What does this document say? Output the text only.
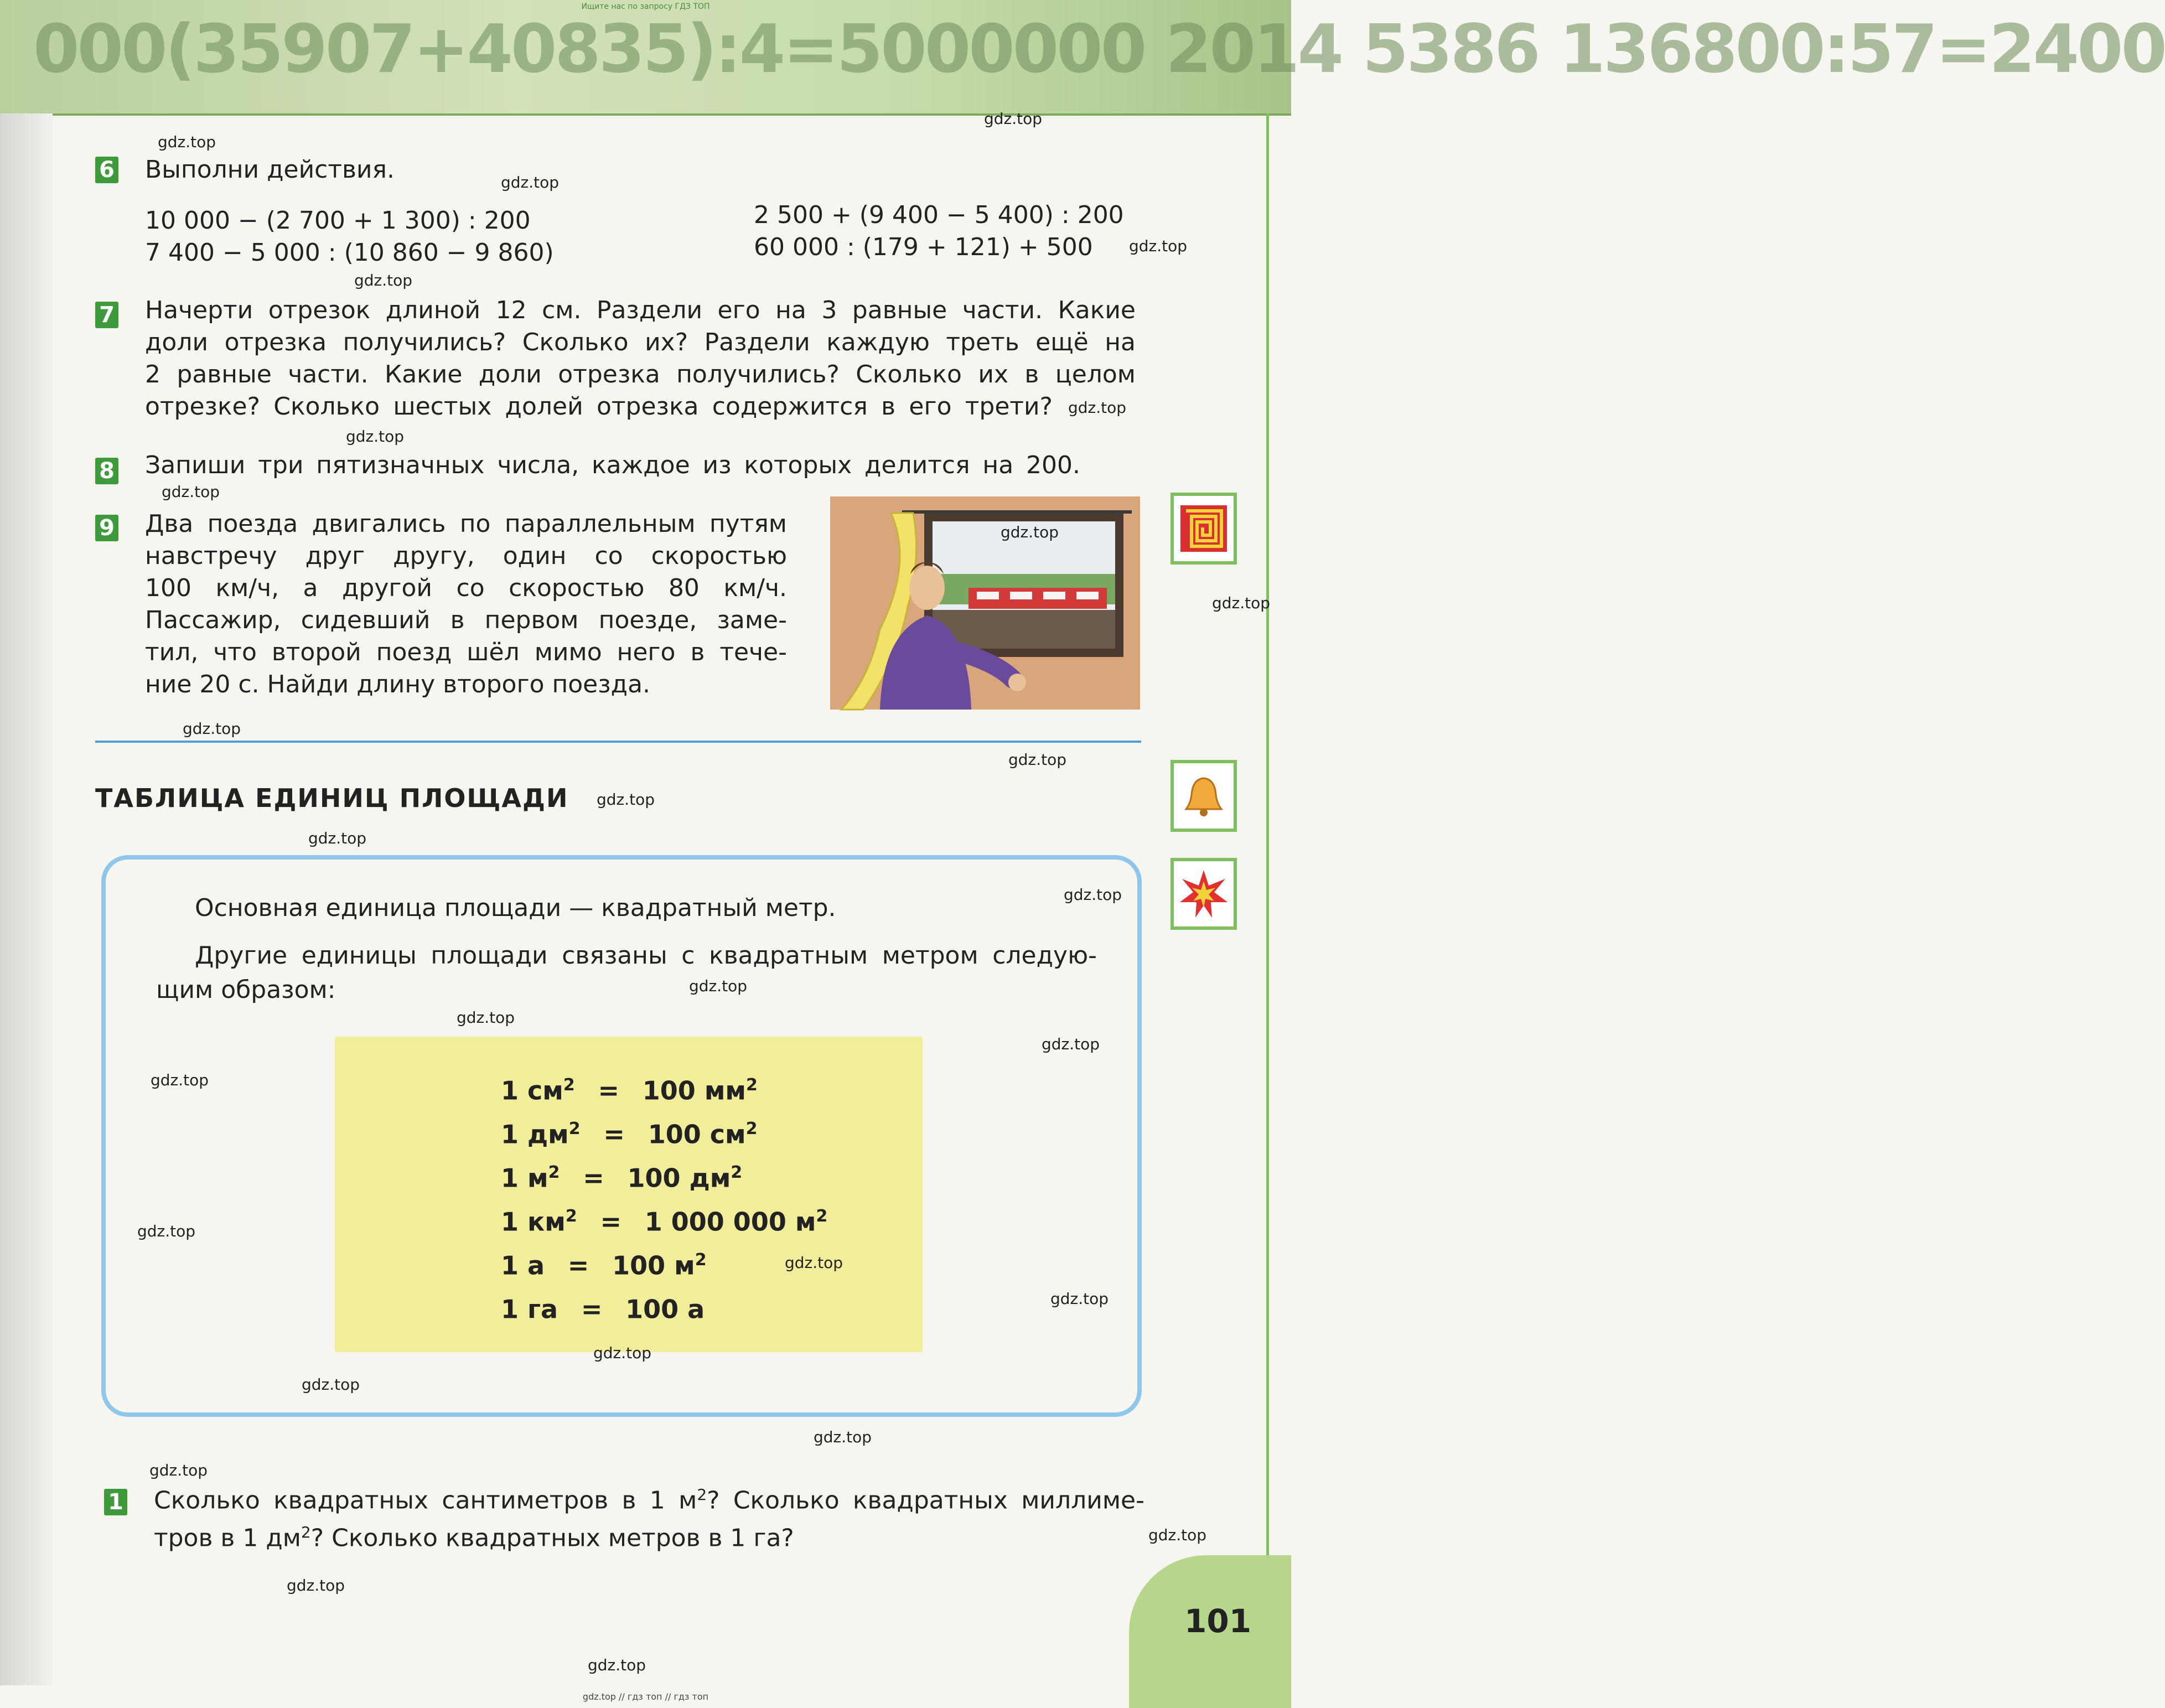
000(35907+40835):4=5000000 2014 5386 136800:57=2400
Ищите нас по запросу ГДЗ ТОП
6 Выполни действия.
10 000 − (2 700 + 1 300) : 200
7 400 − 5 000 : (10 860 − 9 860)
2 500 + (9 400 − 5 400) : 200
60 000 : (179 + 121) + 500
7 Начерти отрезок длиной 12 см. Раздели его на 3 равные части. Какие
доли отрезка получились? Сколько их? Раздели каждую треть ещё на
2 равные части. Какие доли отрезка получились? Сколько их в целом
отрезке? Сколько шестых долей отрезка содержится в его трети?
8 Запиши три пятизначных числа, каждое из которых делится на 200.
9 Два поезда двигались по параллельным путям
навстречу друг другу, один со скоростью
100 км/ч, а другой со скоростью 80 км/ч.
Пассажир, сидевший в первом поезде, заме-
тил, что второй поезд шёл мимо него в тече-
ние 20 с. Найди длину второго поезда.
ТАБЛИЦА ЕДИНИЦ ПЛОЩАДИ
Основная единица площади — квадратный метр.
Другие единицы площади связаны с квадратным метром следую-
щим образом:
1 $см^2 = 100$ $мм^2$
1 $дм^2 = 100$ $см^2$
1 $м^2 = 100$ $дм^2$
1 $км^2 = 1$ 000 000 $м^2$
1 а = 100 $м^2$
1 га = 100 а
1 Сколько квадратных сантиметров в 1 $м^2$? Сколько квадратных миллиме-
тров в 1 $дм^2$? Сколько квадратных метров в 1 га?
101
gdz.top
gdz.top
gdz.top
gdz.top
gdz.top
gdz.top
gdz.top
gdz.top
gdz.top
gdz.top
gdz.top
gdz.top
gdz.top
gdz.top
gdz.top
gdz.top
gdz.top
gdz.top
gdz.top
gdz.top
gdz.top
gdz.top
gdz.top
gdz.top
gdz.top
gdz.top
gdz.top
gdz.top
gdz.top
gdz.top // гдз топ // гдз топ
